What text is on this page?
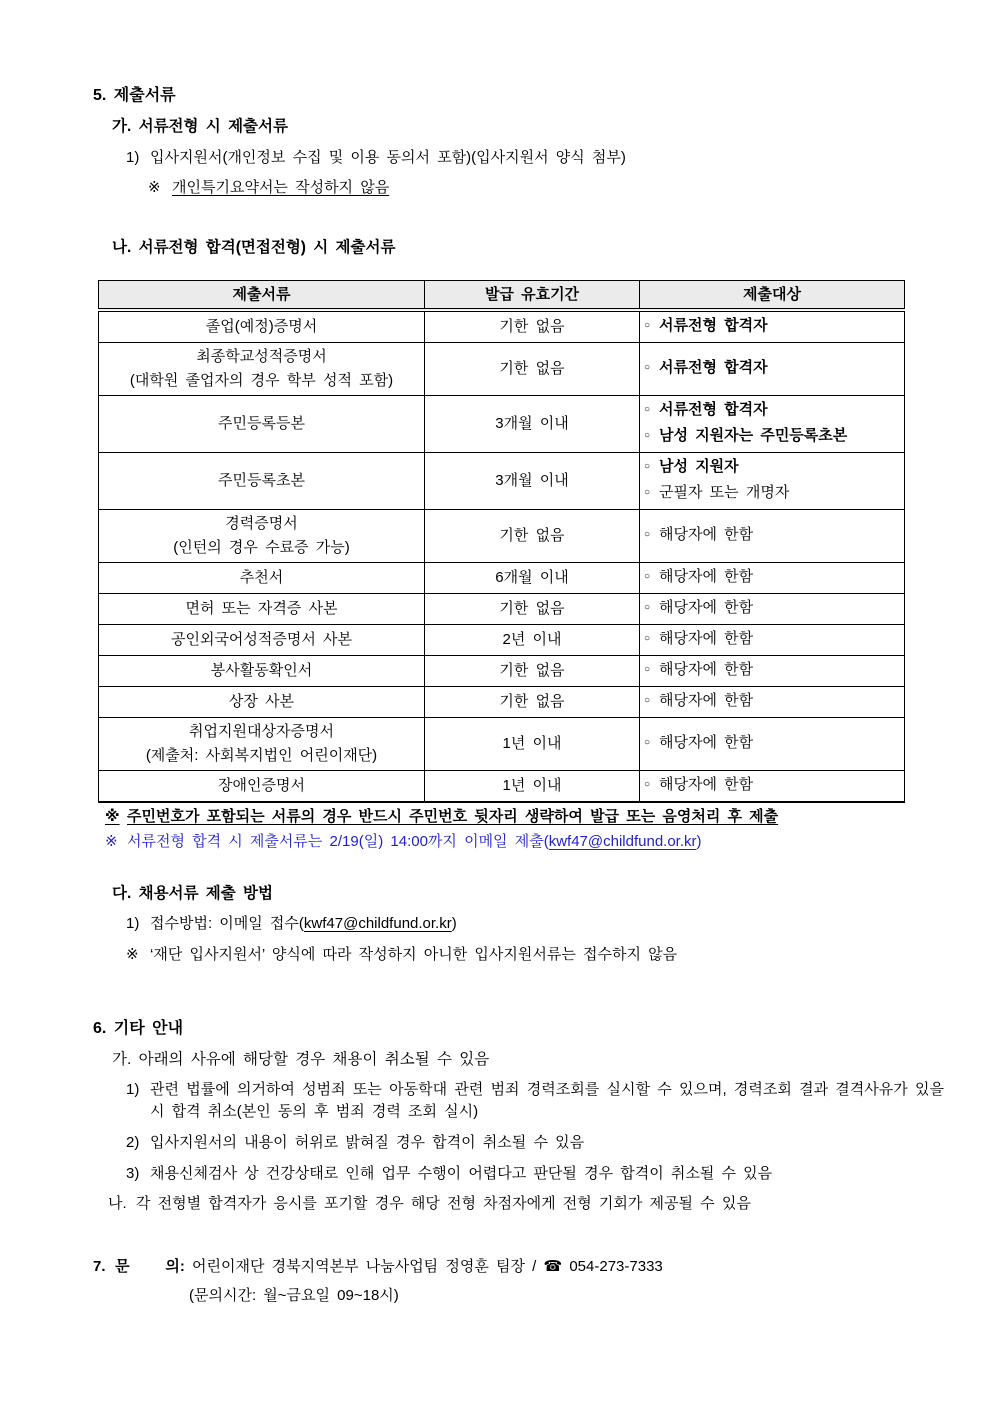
5. 제출서류
가. 서류전형 시 제출서류
1) 입사지원서(개인정보 수집 및 이용 동의서 포함)(입사지원서 양식 첨부)
※ 개인특기요약서는 작성하지 않음
나. 서류전형 합격(면접전형) 시 제출서류
제출서류	발급 유효기간	제출대상

졸업(예정)증명서	기한 없음	○ 서류전형 합격자

최종학교성적증명서
(대학원 졸업자의 경우 학부 성적 포함)

기한 없음	○ 서류전형 합격자

주민등록등본	3개월 이내	○ 서류전형 합격자
○ 남성 지원자는 주민등록초본

주민등록초본	3개월 이내	○ 남성 지원자
○ 군필자 또는 개명자

경력증명서
(인턴의 경우 수료증 가능)

기한 없음	○ 해당자에 한함

추천서	6개월 이내	○ 해당자에 한함

면허 또는 자격증 사본	기한 없음	○ 해당자에 한함

공인외국어성적증명서 사본	2년 이내	○ 해당자에 한함

봉사활동확인서	기한 없음	○ 해당자에 한함

상장 사본	기한 없음	○ 해당자에 한함

취업지원대상자증명서
(제출처: 사회복지법인 어린이재단)

1년 이내	○ 해당자에 한함

장애인증명서	1년 이내	○ 해당자에 한함
※ 주민번호가 포함되는 서류의 경우 반드시 주민번호 뒷자리 생략하여 발급 또는 음영처리 후 제출
※ 서류전형 합격 시 제출서류는 2/19(일) 14:00까지 이메일 제출(kwf47@childfund.or.kr)
다. 채용서류 제출 방법
1) 접수방법: 이메일 접수(kwf47@childfund.or.kr)
※ ‘재단 입사지원서’ 양식에 따라 작성하지 아니한 입사지원서류는 접수하지 않음
6. 기타 안내
가. 아래의 사유에 해당할 경우 채용이 취소될 수 있음
1) 관련 법률에 의거하여 성범죄 또는 아동학대 관련 범죄 경력조회를 실시할 수 있으며, 경력조회 결과 결격사유가 있을 시 합격 취소(본인 동의 후 범죄 경력 조회 실시)
2) 입사지원서의 내용이 허위로 밝혀질 경우 합격이 취소될 수 있음
3) 채용신체검사 상 건강상태로 인해 업무 수행이 어렵다고 판단될 경우 합격이 취소될 수 있음
나. 각 전형별 합격자가 응시를 포기할 경우 해당 전형 차점자에게 전형 기회가 제공될 수 있음
7. 문     의:
어린이재단 경북지역본부 나눔사업팀 정영훈 팀장 /
☎
054-273-7333
(문의시간: 월~금요일 09~18시)
